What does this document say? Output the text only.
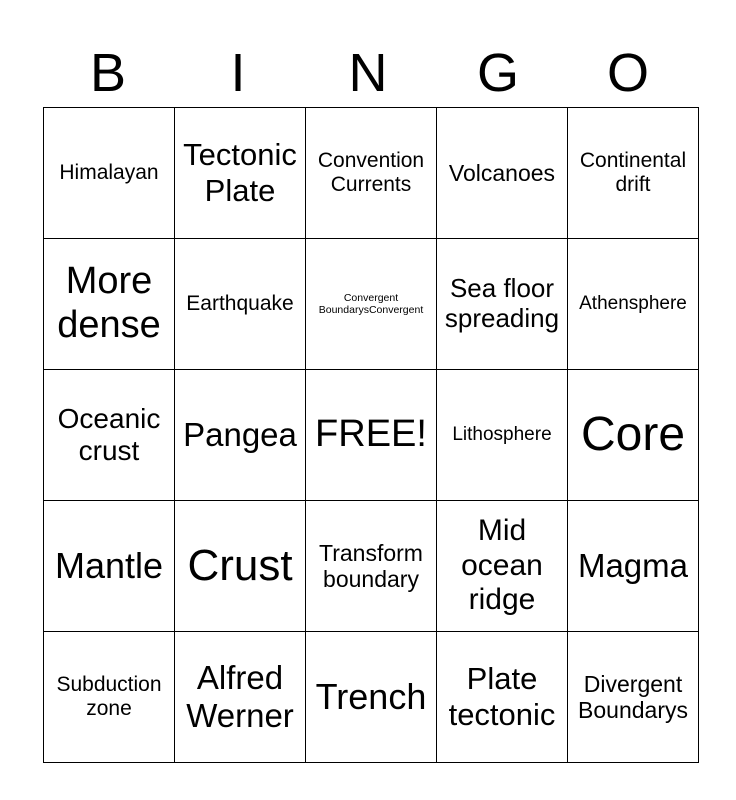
B	I	N	G	O
Himalayan	Tectonic Plate	Convention Currents	Volcanoes	Continental drift

More dense	Earthquake	Convergent BoundarysConvergent	Sea floor spreading	Athensphere

Oceanic crust	Pangea	FREE!	Lithosphere	Core

Mantle	Crust	Transform boundary	Mid ocean ridge	Magma

Subduction zone	Alfred Werner	Trench	Plate tectonic	Divergent Boundarys
